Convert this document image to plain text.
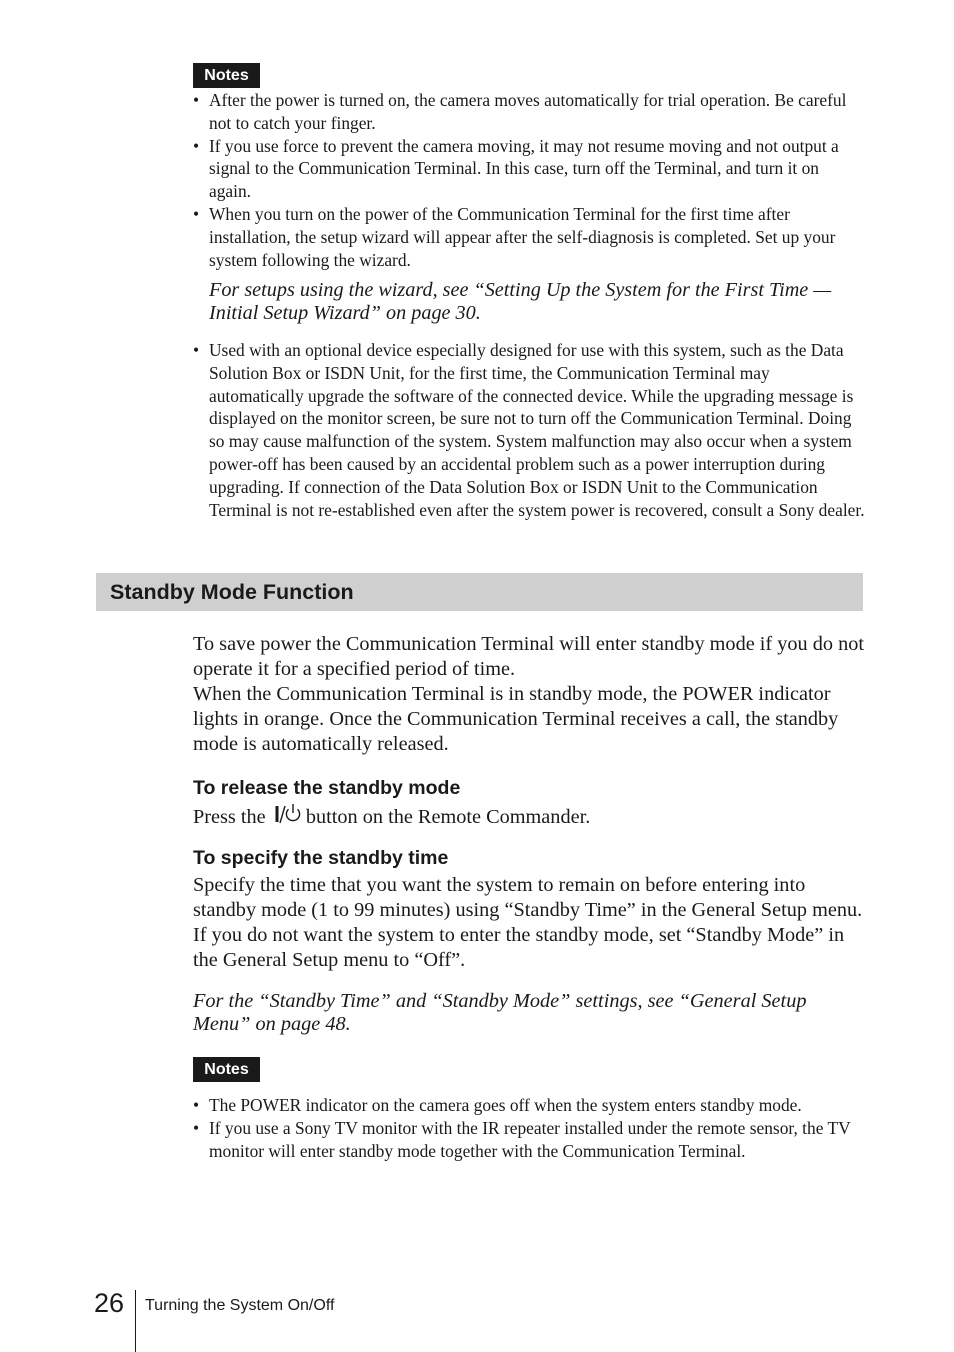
Notes
• After the power is turned on, the camera moves automatically for trial operation. Be careful not to catch your finger.
• If you use force to prevent the camera moving, it may not resume moving and not output a signal to the Communication Terminal. In this case, turn off the Terminal, and turn it on again.
• When you turn on the power of the Communication Terminal for the first time after installation, the setup wizard will appear after the self-diagnosis is completed. Set up your system following the wizard.

For setups using the wizard, see “Setting Up the System for the First Time — Initial Setup Wizard” on page 30.

• Used with an optional device especially designed for use with this system, such as the Data Solution Box or ISDN Unit, for the first time, the Communication Terminal may automatically upgrade the software of the connected device. While the upgrading message is displayed on the monitor screen, be sure not to turn off the Communication Terminal. Doing so may cause malfunction of the system. System malfunction may also occur when a system power-off has been caused by an accidental problem such as a power interruption during upgrading. If connection of the Data Solution Box or ISDN Unit to the Communication Terminal is not re-established even after the system power is recovered, consult a Sony dealer.
Standby Mode Function

To save power the Communication Terminal will enter standby mode if you do not operate it for a specified period of time.

When the Communication Terminal is in standby mode, the POWER indicator lights in orange. Once the Communication Terminal receives a call, the standby mode is automatically released.

To release the standby mode

Press the button on the Remote Commander.

To specify the standby time

Specify the time that you want the system to remain on before entering into standby mode (1 to 99 minutes) using “Standby Time” in the General Setup menu. If you do not want the system to enter the standby mode, set “Standby Mode” in the General Setup menu to “Off”.

For the “Standby Time” and “Standby Mode” settings, see “General Setup Menu” on page 48.

Notes
• The POWER indicator on the camera goes off when the system enters standby mode.
• If you use a Sony TV monitor with the IR repeater installed under the remote sensor, the TV monitor will enter standby mode together with the Communication Terminal.

26 Turning the System On/Off
